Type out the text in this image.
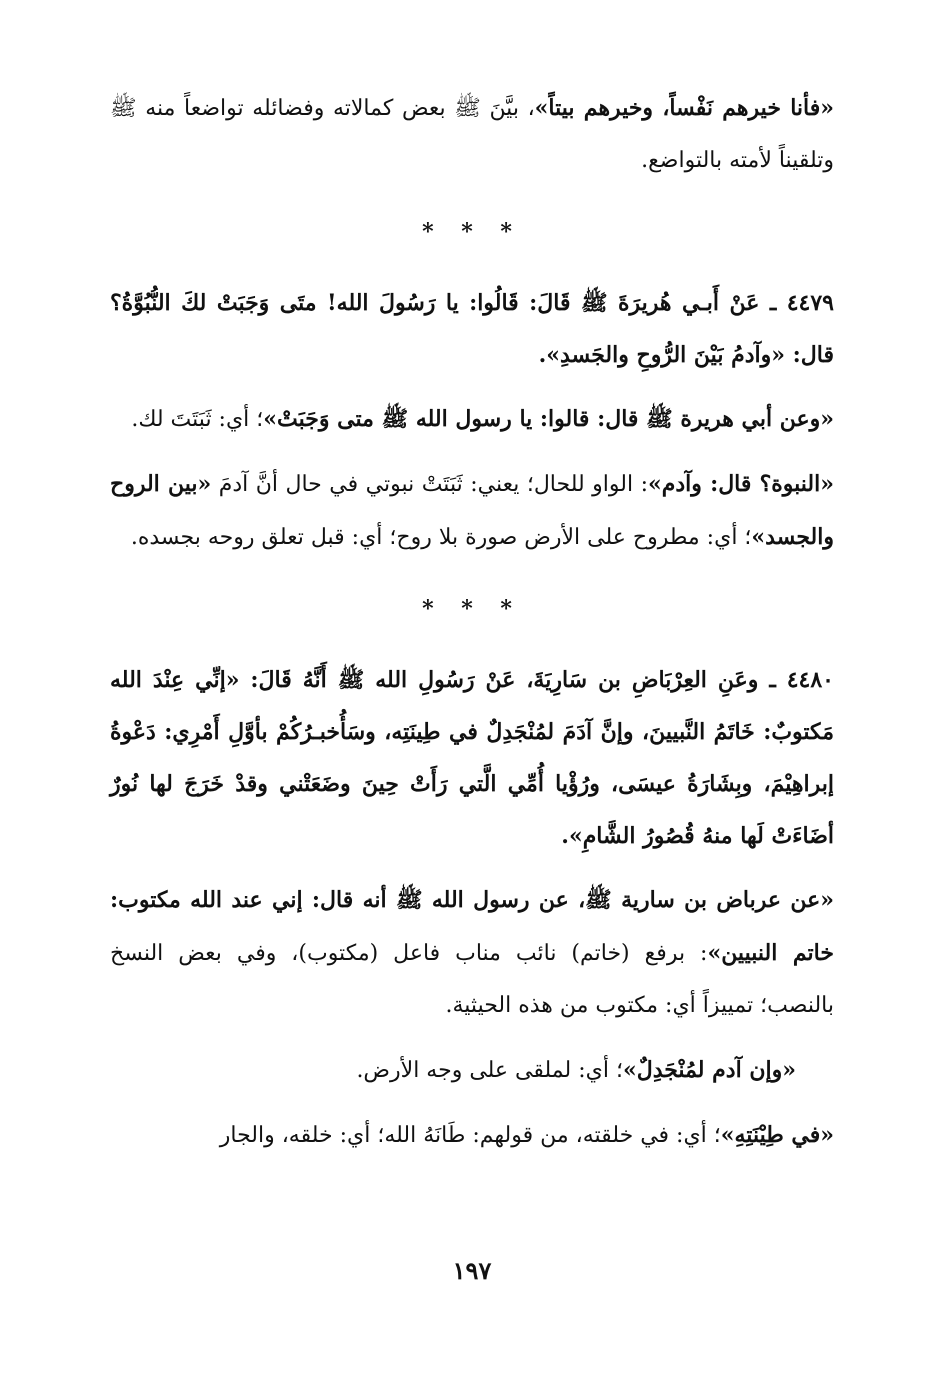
«فأنا خيرهم نَفْساً، وخيرهم بيتاً»، بيَّنَ ﷺ بعض كمالاته وفضائله تواضعاً منه ﷺ وتلقيناً لأمته بالتواضع.

* * *

٤٤٧٩ ـ عَنْ أَبـي هُريرَةَ ﷺ قَالَ: قَالُوا: يا رَسُولَ الله! متَى وَجَبَتْ لكَ النُّبُوَّةُ؟ قال: «وآدمُ بَيْنَ الرُّوحِ والجَسدِ».

«وعن أبي هريرة ﷺ قال: قالوا: يا رسول الله ﷺ متى وَجَبَتْ»؛ أي: ثَبَتَتَ لك.

«النبوة؟ قال: وآدم»: الواو للحال؛ يعني: ثَبَتَتْ نبوتي في حال أنَّ آدمَ «بين الروح والجسد»؛ أي: مطروح على الأرض صورة بلا روح؛ أي: قبل تعلق روحه بجسده.

* * *

٤٤٨٠ ـ وعَنِ العِرْبَاضِ بن سَارِيَةَ، عَنْ رَسُولِ الله ﷺ أَنَّهُ قَالَ: «إنِّي عِنْدَ الله مَكتوبٌ: خَاتَمُ النَّبيينَ، وإنَّ آدَمَ لمُنْجَدِلٌ في طِينَتِه، وسَأُخبـرُكُمْ بأوَّلِ أَمْرِي: دَعْوةُ إبراهِيْمَ، وبِشَارَةُ عيسَى، ورُؤْيا أُمِّي الَّتي رَأَتْ حِينَ وضَعَتْني وقدْ خَرَجَ لها نُورٌ أضَاءَتْ لَها منهُ قُصُورُ الشَّامِ».

«عن عرباض بن سارية ﷺ، عن رسول الله ﷺ أنه قال: إني عند الله مكتوب: خاتم النبيين»: برفع (خاتم) نائب مناب فاعل (مكتوب)، وفي بعض النسخ بالنصب؛ تمييزاً أي: مكتوب من هذه الحيثية.

«وإن آدم لمُنْجَدِلٌ»؛ أي: لملقى على وجه الأرض.

«في طِيْنَتِهِ»؛ أي: في خلقته، من قولهم: طَانَهُ الله؛ أي: خلقه، والجار

١٩٧
